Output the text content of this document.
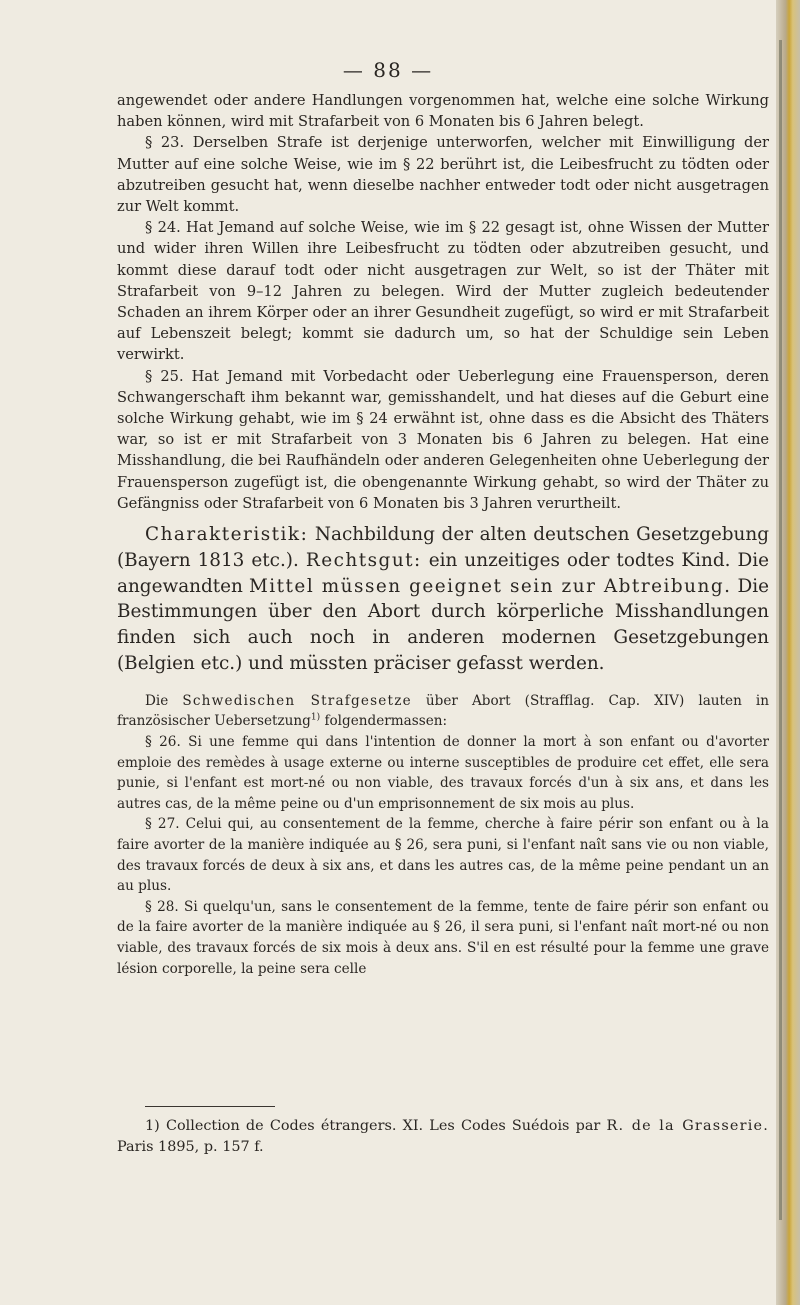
— 88 —

angewendet oder andere Handlungen vorgenommen hat, welche eine solche Wirkung haben können, wird mit Strafarbeit von 6 Monaten bis 6 Jahren belegt.

§ 23. Derselben Strafe ist derjenige unterworfen, welcher mit Einwilligung der Mutter auf eine solche Weise, wie im § 22 berührt ist, die Leibesfrucht zu tödten oder abzutreiben gesucht hat, wenn dieselbe nachher entweder todt oder nicht ausgetragen zur Welt kommt.

§ 24. Hat Jemand auf solche Weise, wie im § 22 gesagt ist, ohne Wissen der Mutter und wider ihren Willen ihre Leibesfrucht zu tödten oder abzutreiben gesucht, und kommt diese darauf todt oder nicht ausgetragen zur Welt, so ist der Thäter mit Strafarbeit von 9–12 Jahren zu belegen. Wird der Mutter zugleich bedeutender Schaden an ihrem Körper oder an ihrer Gesundheit zugefügt, so wird er mit Strafarbeit auf Lebenszeit belegt; kommt sie dadurch um, so hat der Schuldige sein Leben verwirkt.

§ 25. Hat Jemand mit Vorbedacht oder Ueberlegung eine Frauensperson, deren Schwangerschaft ihm bekannt war, gemisshandelt, und hat dieses auf die Geburt eine solche Wirkung gehabt, wie im § 24 erwähnt ist, ohne dass es die Absicht des Thäters war, so ist er mit Strafarbeit von 3 Monaten bis 6 Jahren zu belegen. Hat eine Misshandlung, die bei Raufhändeln oder anderen Gelegenheiten ohne Ueberlegung der Frauensperson zugefügt ist, die obengenannte Wirkung gehabt, so wird der Thäter zu Gefängniss oder Strafarbeit von 6 Monaten bis 3 Jahren verurtheilt.

Charakteristik: Nachbildung der alten deutschen Gesetzgebung (Bayern 1813 etc.). Rechtsgut: ein unzeitiges oder todtes Kind. Die angewandten Mittel müssen geeignet sein zur Abtreibung. Die Bestimmungen über den Abort durch körperliche Misshandlungen finden sich auch noch in anderen modernen Gesetzgebungen (Belgien etc.) und müssten präciser gefasst werden.

Die Schwedischen Strafgesetze über Abort (Strafflag. Cap. XIV) lauten in französischer Uebersetzung$^{1)}$ folgendermassen:

§ 26. Si une femme qui dans l'intention de donner la mort à son enfant ou d'avorter emploie des remèdes à usage externe ou interne susceptibles de produire cet effet, elle sera punie, si l'enfant est mort-né ou non viable, des travaux forcés d'un à six ans, et dans les autres cas, de la même peine ou d'un emprisonnement de six mois au plus.

§ 27. Celui qui, au consentement de la femme, cherche à faire périr son enfant ou à la faire avorter de la manière indiquée au § 26, sera puni, si l'enfant naît sans vie ou non viable, des travaux forcés de deux à six ans, et dans les autres cas, de la même peine pendant un an au plus.

§ 28. Si quelqu'un, sans le consentement de la femme, tente de faire périr son enfant ou de la faire avorter de la manière indiquée au § 26, il sera puni, si l'enfant naît mort-né ou non viable, des travaux forcés de six mois à deux ans. S'il en est résulté pour la femme une grave lésion corporelle, la peine sera celle

1) Collection de Codes étrangers. XI. Les Codes Suédois par R. de la Grasserie. Paris 1895, p. 157 f.
